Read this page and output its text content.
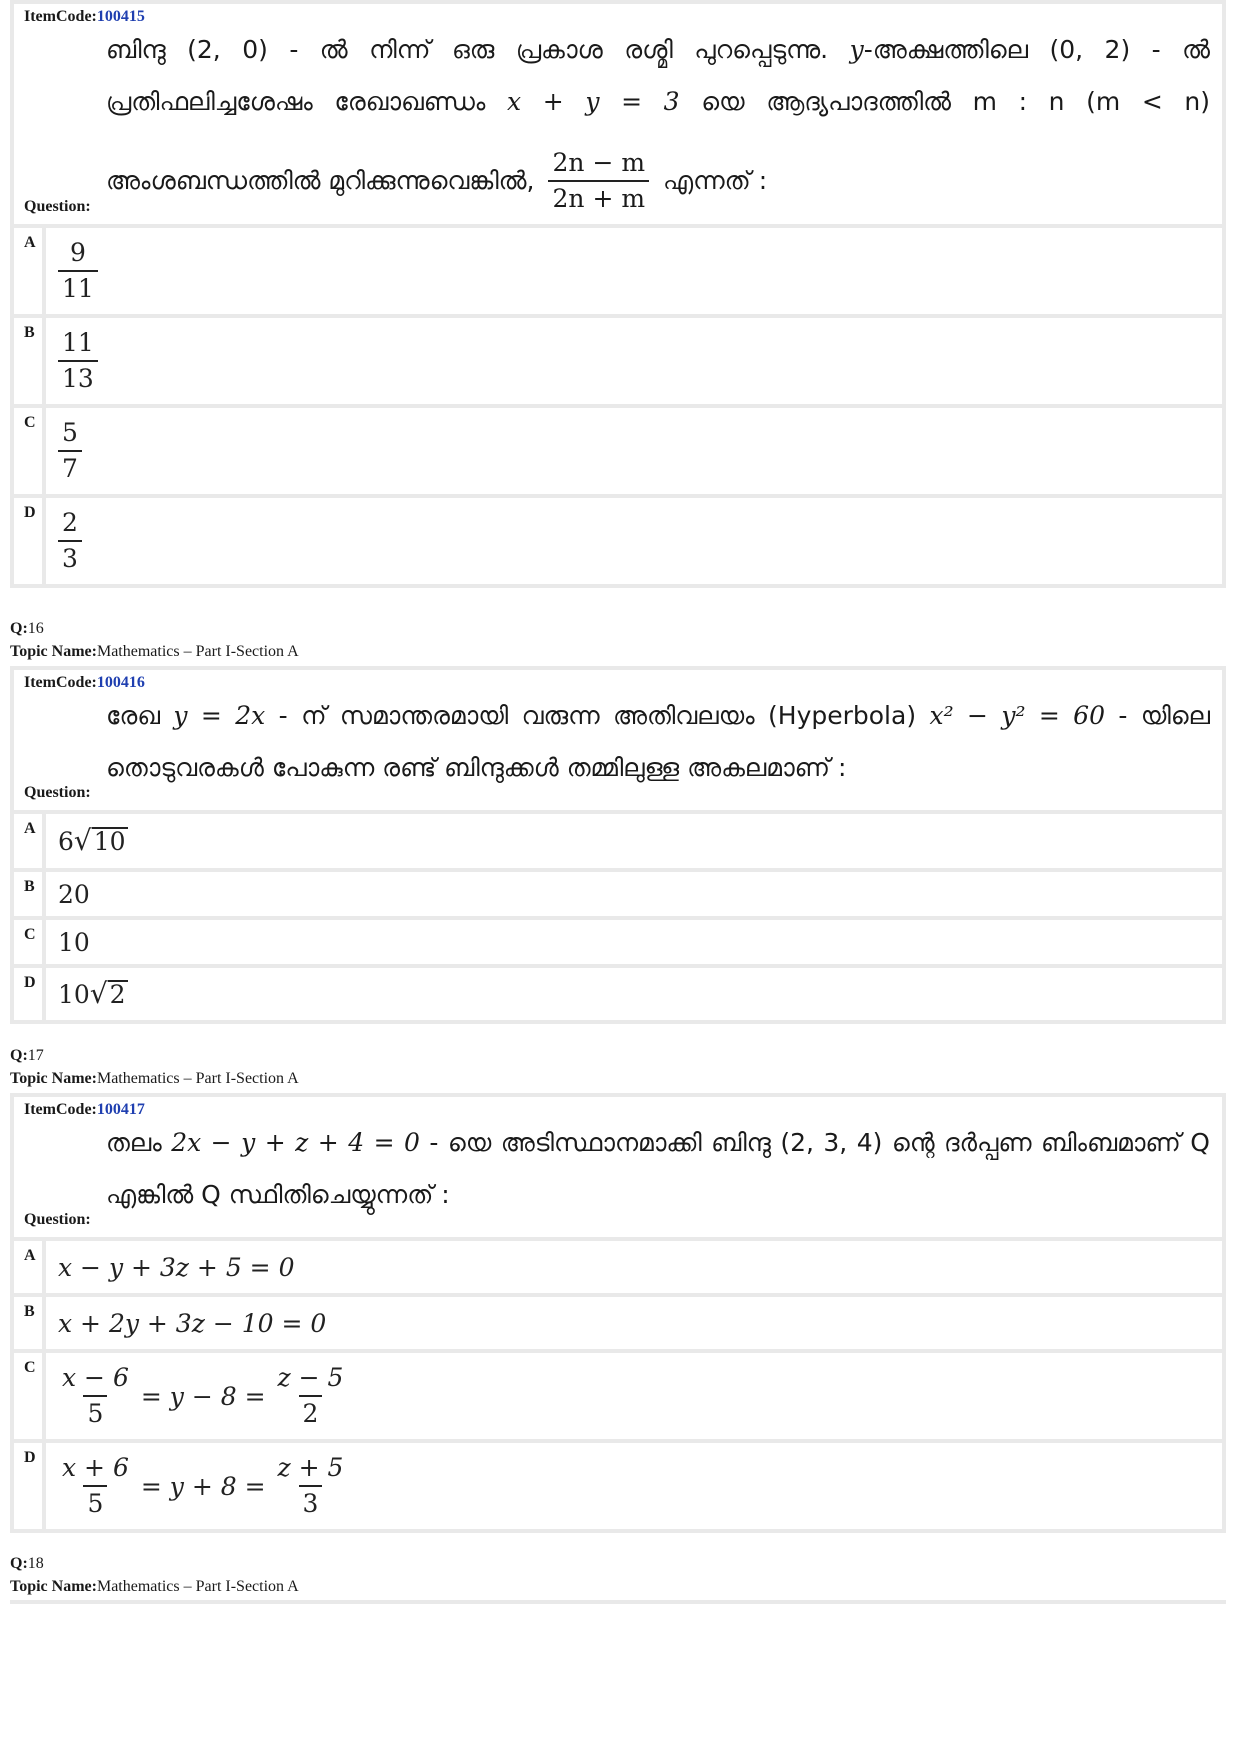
ItemCode:100415
ബിന്ദു (2, 0) - ൽ നിന്ന് ഒരു പ്രകാശ രശ്മി പുറപ്പെടുന്നു. y-അക്ഷത്തിലെ (0, 2) - ൽ
പ്രതിഫലിച്ചശേഷം രേഖാഖണ്ഡം x + y = 3 യെ ആദ്യപാദത്തിൽ m : n (m < n)
അംശബന്ധത്തിൽ മുറിക്കുന്നുവെങ്കിൽ, $\frac{2n - m}{2n + m}$ എന്നത് :
Question:
A $\frac{9}{11}$
B $\frac{11}{13}$
C $\frac{5}{7}$
D $\frac{2}{3}$
Q:16
Topic Name:Mathematics – Part I-Section A
ItemCode:100416
രേഖ y = 2x - ന് സമാന്തരമായി വരുന്ന അതിവലയം (Hyperbola) x² − y² = 60 - യിലെ
തൊടുവരകൾ പോകുന്ന രണ്ട് ബിന്ദുക്കൾ തമ്മിലുള്ള അകലമാണ് :
Question:
A 6 √ 10
B 20
C 10
D 10 √ 2
Q:17
Topic Name:Mathematics – Part I-Section A
ItemCode:100417
തലം 2x − y + z + 4 = 0 - യെ അടിസ്ഥാനമാക്കി ബിന്ദു (2, 3, 4) ന്റെ ദർപ്പണ ബിംബമാണ് Q
എങ്കിൽ Q സ്ഥിതിചെയ്യുന്നത് :
Question:
A x − y + 3z + 5 = 0
B x + 2y + 3z − 10 = 0
C $\frac{x - 6}{5} = y - 8 = \frac{z - 5}{2}$
D $\frac{x + 6}{5} = y + 8 = \frac{z + 5}{3}$
Q:18
Topic Name:Mathematics – Part I-Section A
